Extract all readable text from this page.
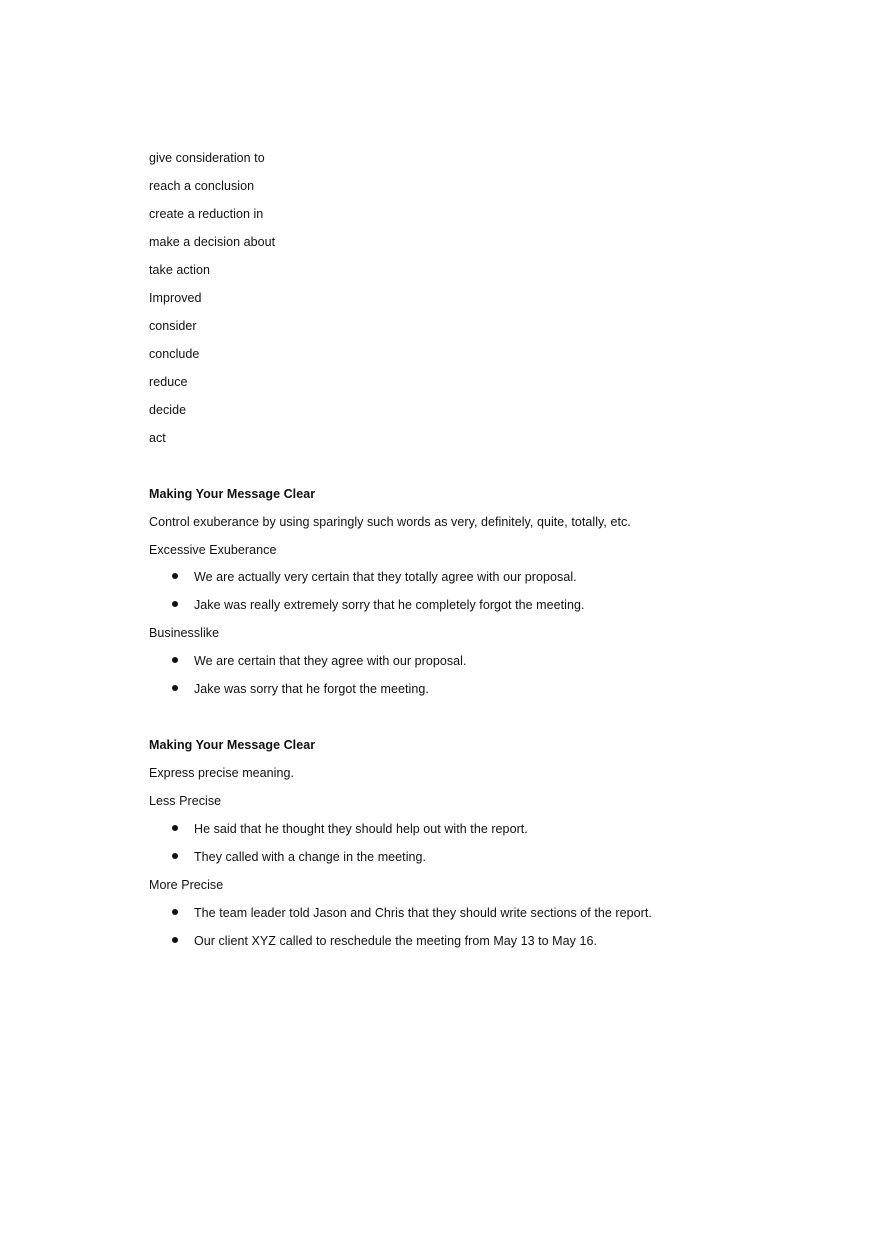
give consideration to
reach a conclusion
create a reduction in
make a decision about
take action
Improved
consider
conclude
reduce
decide
act
Making Your Message Clear
Control exuberance by using sparingly such words as very, definitely, quite, totally, etc.
Excessive Exuberance
We are actually very certain that they totally agree with our proposal.
Jake was really extremely sorry that he completely forgot the meeting.
Businesslike
We are certain that they agree with our proposal.
Jake was sorry that he forgot the meeting.
Making Your Message Clear
Express precise meaning.
Less Precise
He said that he thought they should help out with the report.
They called with a change in the meeting.
More Precise
The team leader told Jason and Chris that they should write sections of the report.
Our client XYZ called to reschedule the meeting from May 13 to May 16.
